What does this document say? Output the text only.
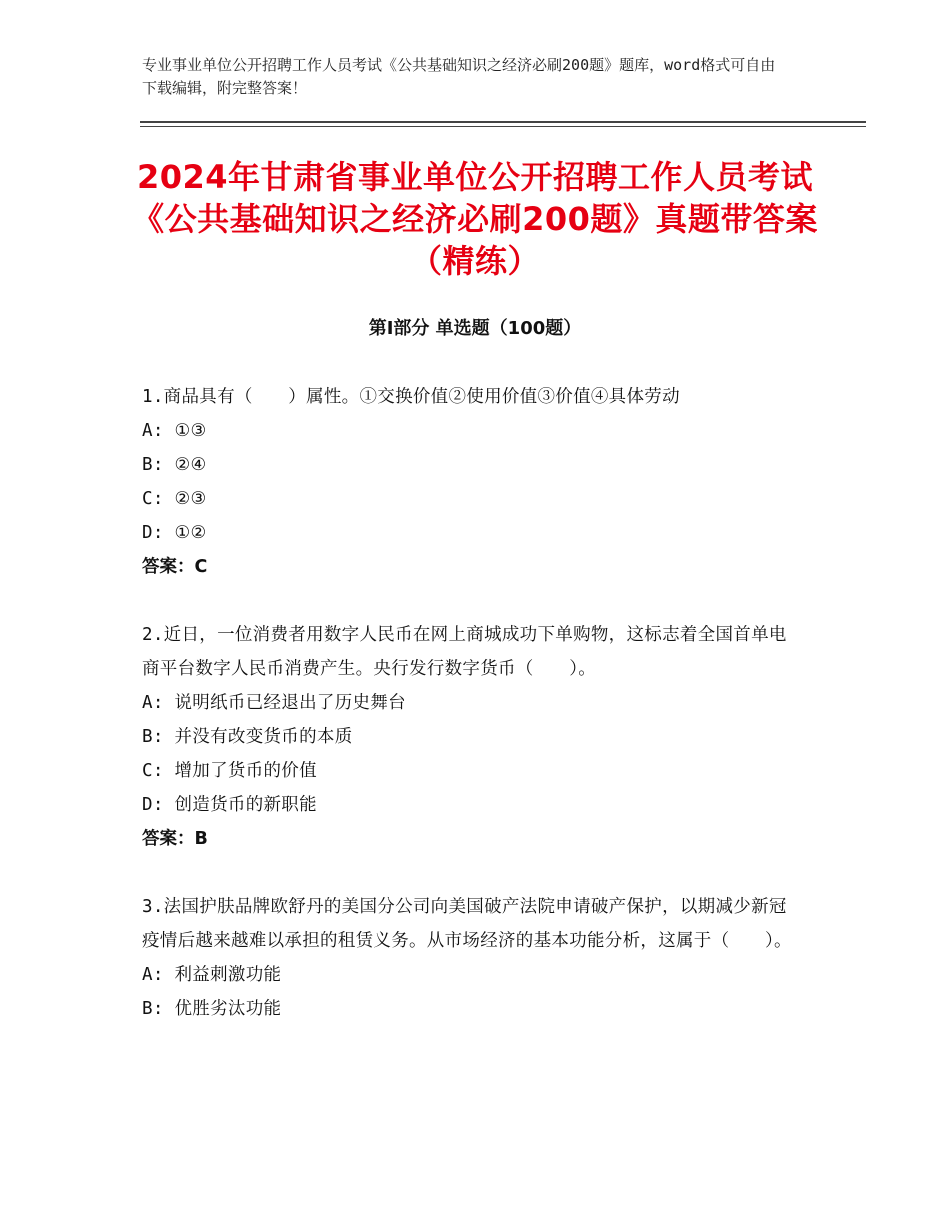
专业事业单位公开招聘工作人员考试《公共基础知识之经济必刷200题》题库，word格式可自由下载编辑，附完整答案！
2024年甘肃省事业单位公开招聘工作人员考试《公共基础知识之经济必刷200题》真题带答案（精练）
第Ⅰ部分 单选题（100题）
1.商品具有（　　）属性。①交换价值②使用价值③价值④具体劳动
A: ①③
B: ②④
C: ②③
D: ①②
答案：C
2.近日，一位消费者用数字人民币在网上商城成功下单购物，这标志着全国首单电商平台数字人民币消费产生。央行发行数字货币（　　）。
A: 说明纸币已经退出了历史舞台
B: 并没有改变货币的本质
C: 增加了货币的价值
D: 创造货币的新职能
答案：B
3.法国护肤品牌欧舒丹的美国分公司向美国破产法院申请破产保护，以期减少新冠疫情后越来越难以承担的租赁义务。从市场经济的基本功能分析，这属于（　　）。
A: 利益刺激功能
B: 优胜劣汰功能
